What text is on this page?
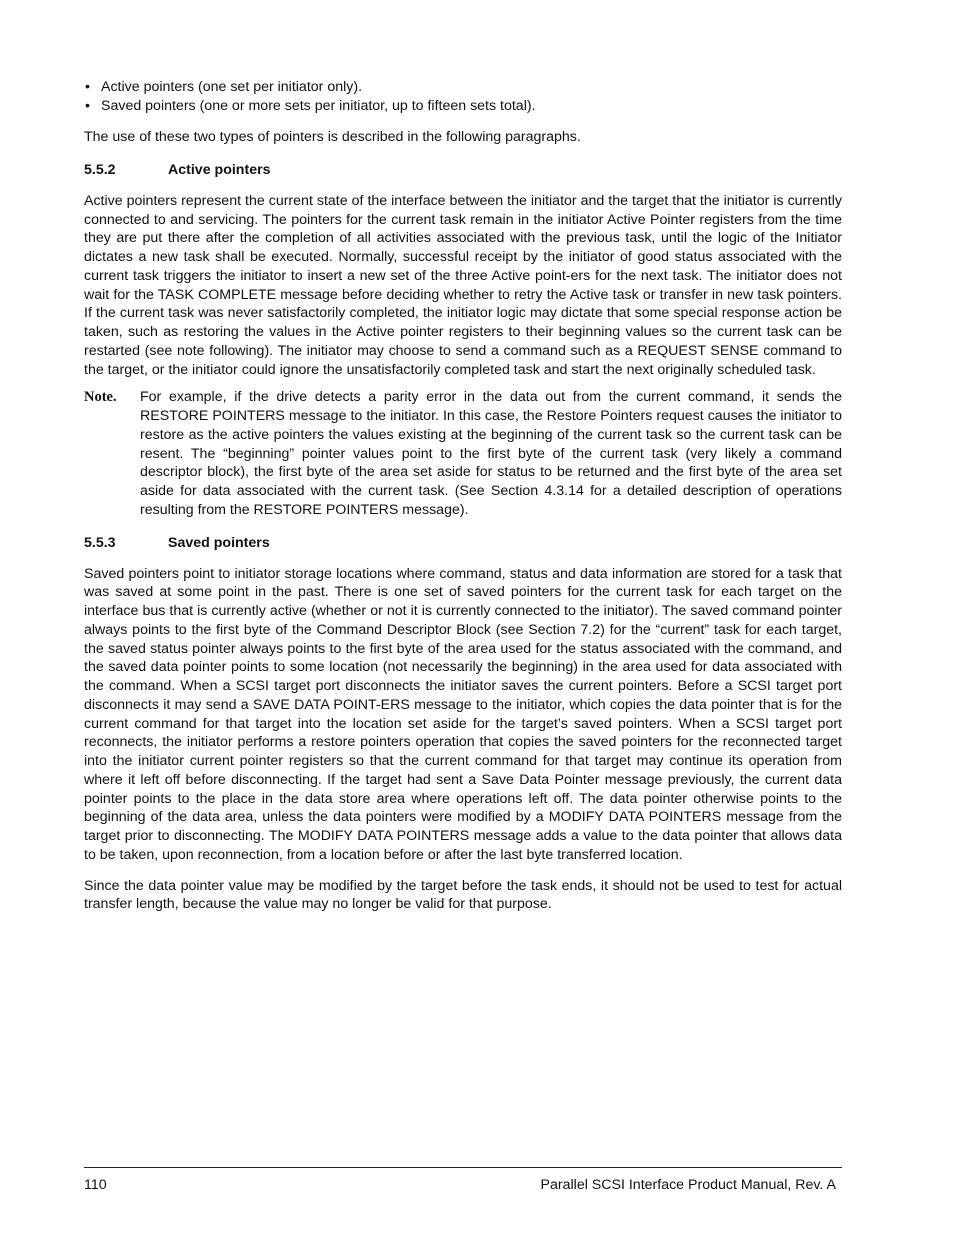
• Active pointers (one set per initiator only).
• Saved pointers (one or more sets per initiator, up to fifteen sets total).

The use of these two types of pointers is described in the following paragraphs.

5.5.2	Active pointers

Active pointers represent the current state of the interface between the initiator and the target that the initiator is currently connected to and servicing. The pointers for the current task remain in the initiator Active Pointer registers from the time they are put there after the completion of all activities associated with the previous task, until the logic of the Initiator dictates a new task shall be executed. Normally, successful receipt by the initiator of good status associated with the current task triggers the initiator to insert a new set of the three Active point-ers for the next task. The initiator does not wait for the TASK COMPLETE message before deciding whether to retry the Active task or transfer in new task pointers. If the current task was never satisfactorily completed, the initiator logic may dictate that some special response action be taken, such as restoring the values in the Active pointer registers to their beginning values so the current task can be restarted (see note following). The initiator may choose to send a command such as a REQUEST SENSE command to the target, or the initiator could ignore the unsatisfactorily completed task and start the next originally scheduled task.

Note.	For example, if the drive detects a parity error in the data out from the current command, it sends the RESTORE POINTERS message to the initiator. In this case, the Restore Pointers request causes the initiator to restore as the active pointers the values existing at the beginning of the current task so the current task can be resent. The “beginning” pointer values point to the first byte of the current task (very likely a command descriptor block), the first byte of the area set aside for status to be returned and the first byte of the area set aside for data associated with the current task. (See Section 4.3.14 for a detailed description of operations resulting from the RESTORE POINTERS message).

5.5.3	Saved pointers

Saved pointers point to initiator storage locations where command, status and data information are stored for a task that was saved at some point in the past. There is one set of saved pointers for the current task for each target on the interface bus that is currently active (whether or not it is currently connected to the initiator). The saved command pointer always points to the first byte of the Command Descriptor Block (see Section 7.2) for the “current” task for each target, the saved status pointer always points to the first byte of the area used for the status associated with the command, and the saved data pointer points to some location (not necessarily the beginning) in the area used for data associated with the command. When a SCSI target port disconnects the initiator saves the current pointers. Before a SCSI target port disconnects it may send a SAVE DATA POINT-ERS message to the initiator, which copies the data pointer that is for the current command for that target into the location set aside for the target’s saved pointers. When a SCSI target port reconnects, the initiator performs a restore pointers operation that copies the saved pointers for the reconnected target into the initiator current pointer registers so that the current command for that target may continue its operation from where it left off before disconnecting. If the target had sent a Save Data Pointer message previously, the current data pointer points to the place in the data store area where operations left off. The data pointer otherwise points to the beginning of the data area, unless the data pointers were modified by a MODIFY DATA POINTERS message from the target prior to disconnecting. The MODIFY DATA POINTERS message adds a value to the data pointer that allows data to be taken, upon reconnection, from a location before or after the last byte transferred location.

Since the data pointer value may be modified by the target before the task ends, it should not be used to test for actual transfer length, because the value may no longer be valid for that purpose.

110	Parallel SCSI Interface Product Manual, Rev. A
